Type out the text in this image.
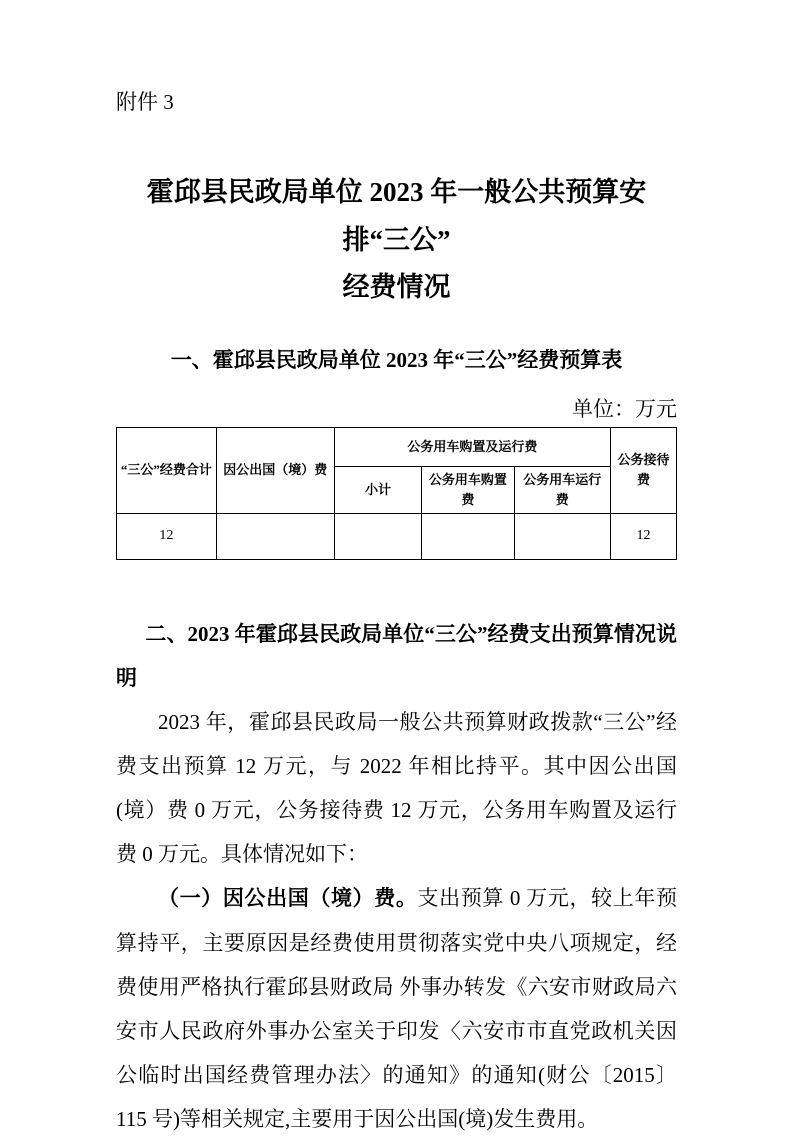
附件 3
霍邱县民政局单位 2023 年一般公共预算安排“三公”
经费情况
一、霍邱县民政局单位 2023 年“三公”经费预算表
单位：万元
“三公”经费合计	因公出国（境）费	公务用车购置及运行费			公务接待费
		小计	公务用车购置费	公务用车运行费	
12					12
二、2023 年霍邱县民政局单位“三公”经费支出预算情况说明

2023 年，霍邱县民政局一般公共预算财政拨款“三公”经费支出预算 12 万元，与 2022 年相比持平。其中因公出国(境）费 0 万元，公务接待费 12 万元，公务用车购置及运行费 0 万元。具体情况如下：

（一）因公出国（境）费。支出预算 0 万元，较上年预算持平，主要原因是经费使用贯彻落实党中央八项规定，经费使用严格执行霍邱县财政局 外事办转发《六安市财政局六安市人民政府外事办公室关于印发〈六安市市直党政机关因公临时出国经费管理办法〉的通知》的通知(财公〔2015〕115 号)等相关规定,主要用于因公出国(境)发生费用。
